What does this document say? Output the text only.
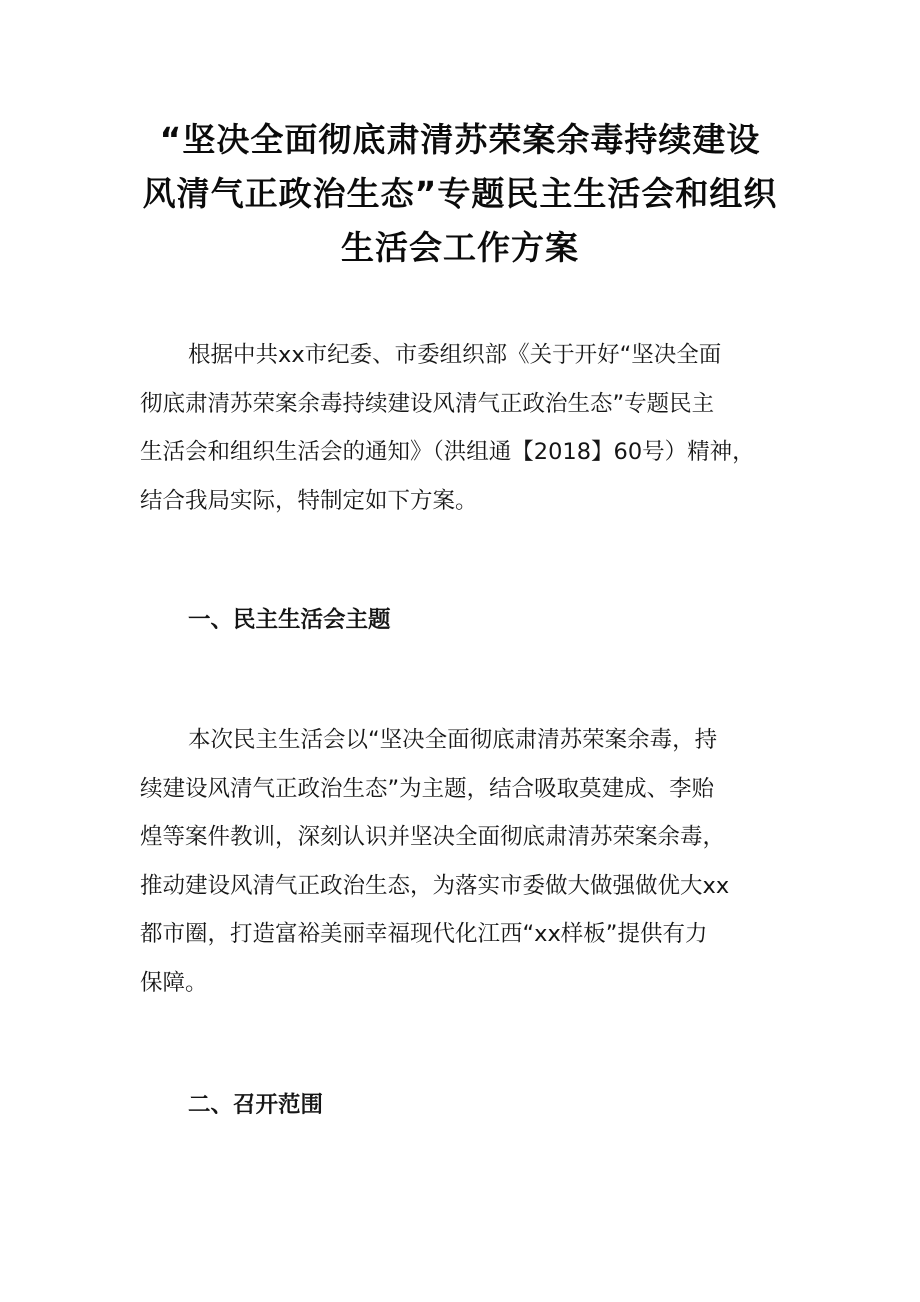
“坚决全面彻底肃清苏荣案余毒持续建设
风清气正政治生态”专题民主生活会和组织
生活会工作方案

根据中共xx市纪委、市委组织部《关于开好“坚决全面
彻底肃清苏荣案余毒持续建设风清气正政治生态”专题民主
生活会和组织生活会的通知》（洪组通【2018】60号）精神，
结合我局实际，特制定如下方案。

一、民主生活会主题

本次民主生活会以“坚决全面彻底肃清苏荣案余毒，持
续建设风清气正政治生态”为主题，结合吸取莫建成、李贻
煌等案件教训，深刻认识并坚决全面彻底肃清苏荣案余毒，
推动建设风清气正政治生态，为落实市委做大做强做优大xx
都市圈，打造富裕美丽幸福现代化江西“xx样板”提供有力
保障。

二、召开范围
